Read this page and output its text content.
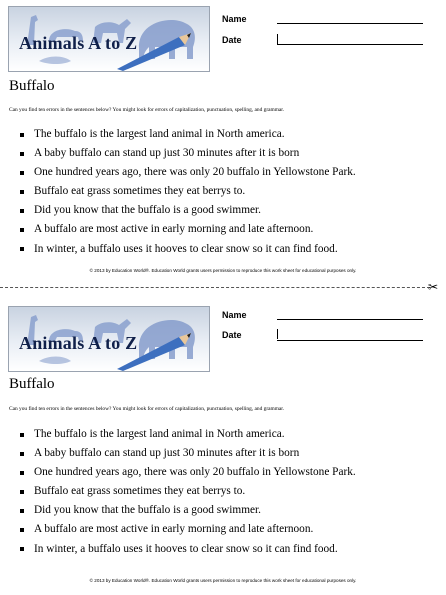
Animals A to Z
Name
Date
Buffalo
Can you find ten errors in the sentences below? You might look for errors of capitalization, punctuation, spelling, and grammar.
The buffalo is the largest land animal in North america.
A baby buffalo can stand up just 30 minutes after it is born
One hundred years ago, there was only 20 buffalo in Yellowstone Park.
Buffalo eat grass sometimes they eat berrys to.
Did you know that the buffalo is a good swimmer.
A buffalo are most active in early morning and late afternoon.
In winter, a buffalo uses it hooves to clear snow so it can find food.
© 2013 by Education World®. Education World grants users permission to reproduce this work sheet for educational purposes only.
✂
Animals A to Z
Name
Date
Buffalo
Can you find ten errors in the sentences below? You might look for errors of capitalization, punctuation, spelling, and grammar.
The buffalo is the largest land animal in North america.
A baby buffalo can stand up just 30 minutes after it is born
One hundred years ago, there was only 20 buffalo in Yellowstone Park.
Buffalo eat grass sometimes they eat berrys to.
Did you know that the buffalo is a good swimmer.
A buffalo are most active in early morning and late afternoon.
In winter, a buffalo uses it hooves to clear snow so it can find food.
© 2013 by Education World®. Education World grants users permission to reproduce this work sheet for educational purposes only.
